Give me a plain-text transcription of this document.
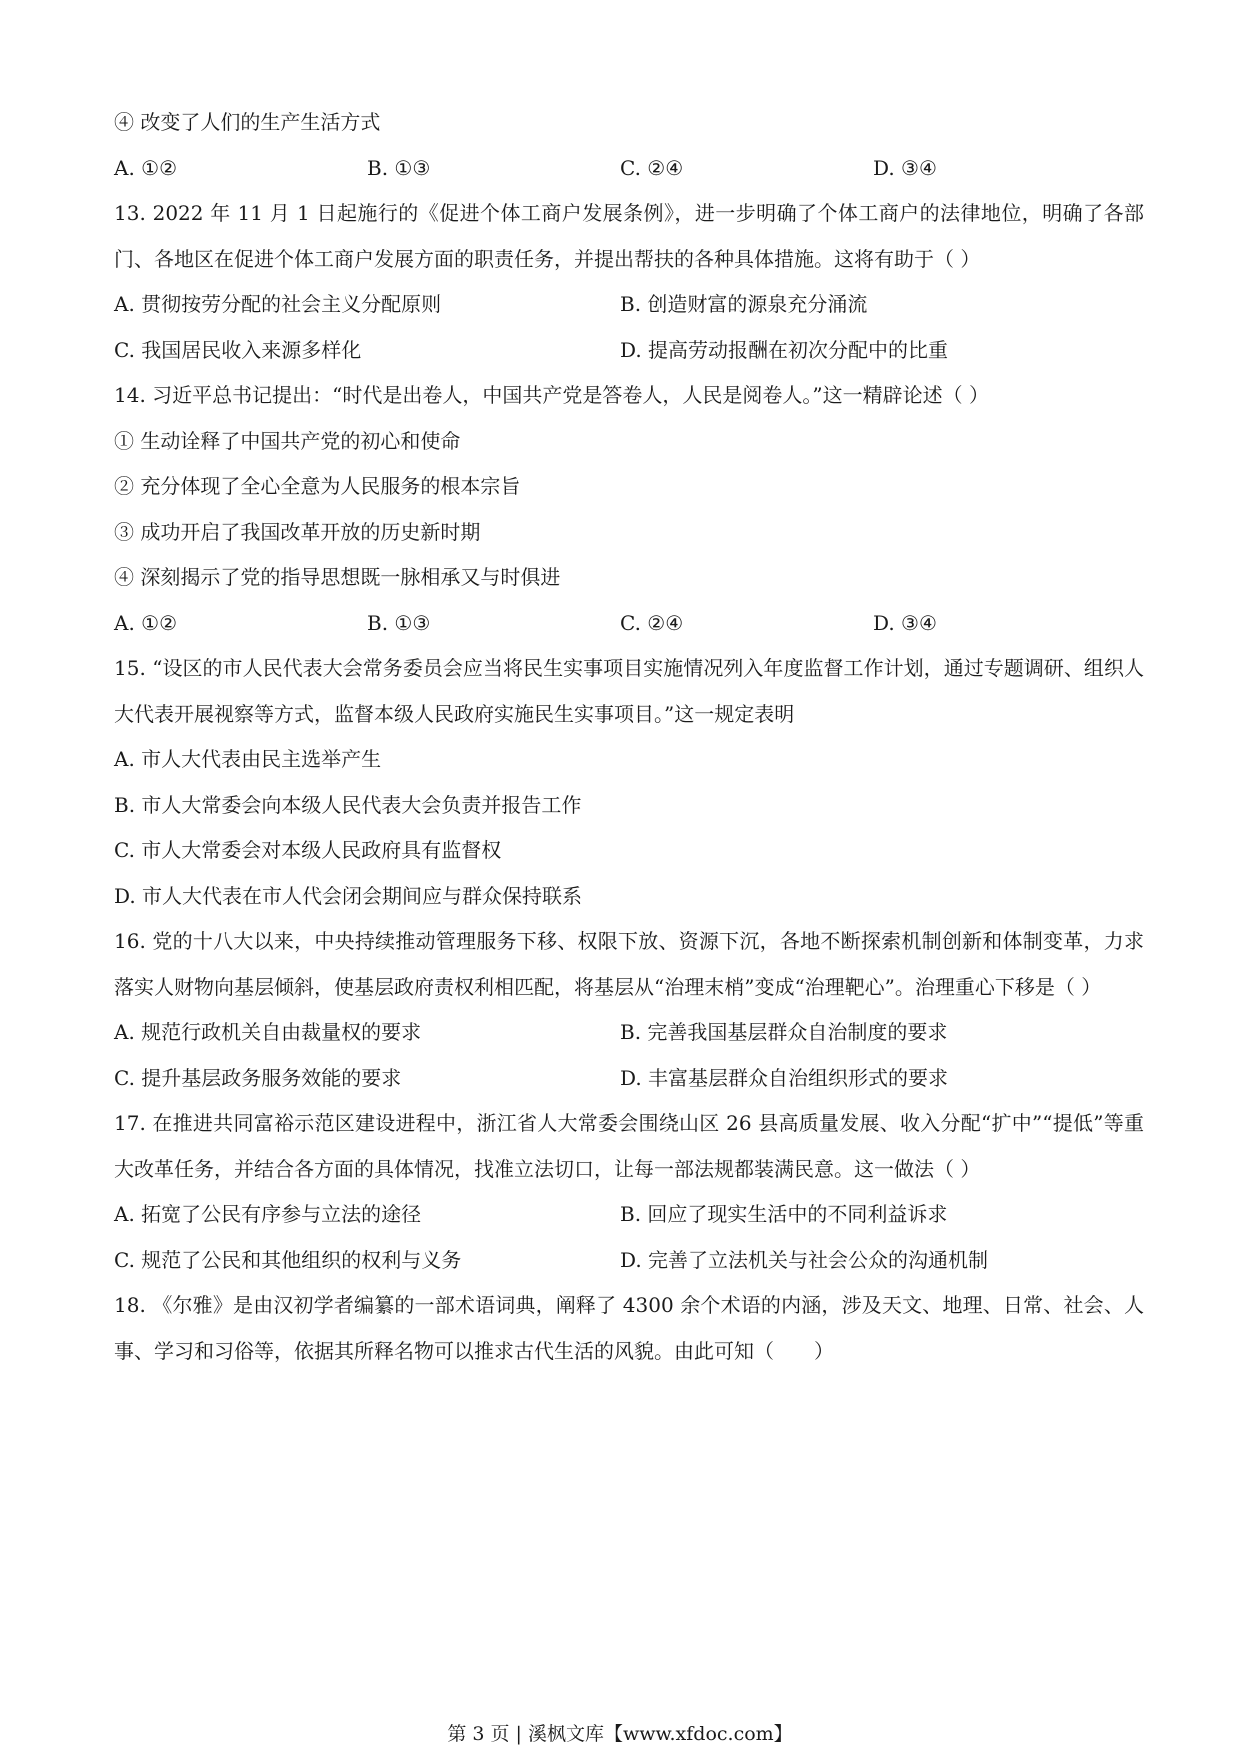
④ 改变了人们的生产生活方式
A. ①②	B. ①③	C. ②④	D. ③④
13. 2022 年 11 月 1 日起施行的《促进个体工商户发展条例》，进一步明确了个体工商户的法律地位，明确了各部门、各地区在促进个体工商户发展方面的职责任务，并提出帮扶的各种具体措施。这将有助于（ ）
A. 贯彻按劳分配的社会主义分配原则	B. 创造财富的源泉充分涌流
C. 我国居民收入来源多样化	D. 提高劳动报酬在初次分配中的比重
14. 习近平总书记提出：“时代是出卷人，中国共产党是答卷人，人民是阅卷人。”这一精辟论述（ ）
① 生动诠释了中国共产党的初心和使命
② 充分体现了全心全意为人民服务的根本宗旨
③ 成功开启了我国改革开放的历史新时期
④ 深刻揭示了党的指导思想既一脉相承又与时俱进
A. ①②	B. ①③	C. ②④	D. ③④
15. “设区的市人民代表大会常务委员会应当将民生实事项目实施情况列入年度监督工作计划，通过专题调研、组织人大代表开展视察等方式，监督本级人民政府实施民生实事项目。”这一规定表明
A. 市人大代表由民主选举产生
B. 市人大常委会向本级人民代表大会负责并报告工作
C. 市人大常委会对本级人民政府具有监督权
D. 市人大代表在市人代会闭会期间应与群众保持联系
16. 党的十八大以来，中央持续推动管理服务下移、权限下放、资源下沉，各地不断探索机制创新和体制变革，力求落实人财物向基层倾斜，使基层政府责权利相匹配，将基层从“治理末梢”变成“治理靶心”。治理重心下移是（ ）
A. 规范行政机关自由裁量权的要求	B. 完善我国基层群众自治制度的要求
C. 提升基层政务服务效能的要求	D. 丰富基层群众自治组织形式的要求
17. 在推进共同富裕示范区建设进程中，浙江省人大常委会围绕山区 26 县高质量发展、收入分配“扩中”“提低”等重大改革任务，并结合各方面的具体情况，找准立法切口，让每一部法规都装满民意。这一做法（ ）
A. 拓宽了公民有序参与立法的途径	B. 回应了现实生活中的不同利益诉求
C. 规范了公民和其他组织的权利与义务	D. 完善了立法机关与社会公众的沟通机制
18. 《尔雅》是由汉初学者编纂的一部术语词典，阐释了 4300 余个术语的内涵，涉及天文、地理、日常、社会、人事、学习和习俗等，依据其所释名物可以推求古代生活的风貌。由此可知（　　）
第 3 页 | 溪枫文库【www.xfdoc.com】
